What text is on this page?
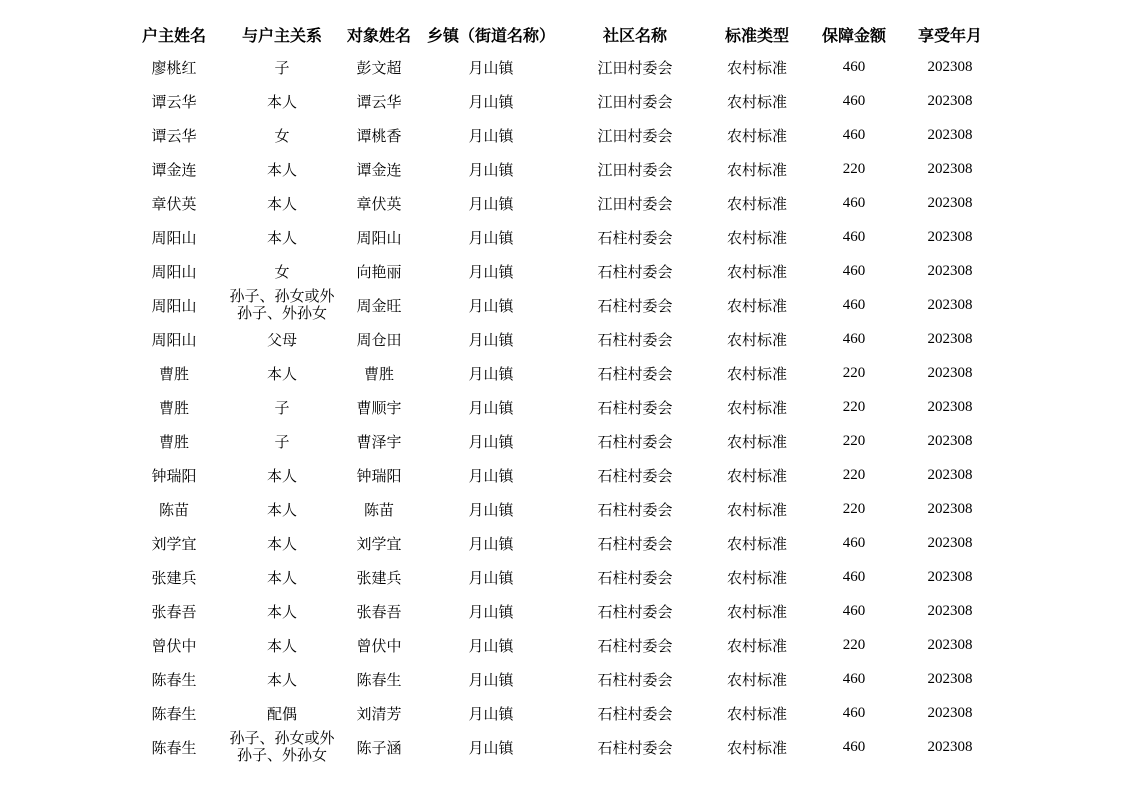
	户主姓名	与户主关系	对象姓名	乡镇（街道名称）	社区名称	标准类型	保障金额	享受年月
	廖桃红	子	彭文超	月山镇	江田村委会	农村标准	460	202308
	谭云华	本人	谭云华	月山镇	江田村委会	农村标准	460	202308
	谭云华	女	谭桃香	月山镇	江田村委会	农村标准	460	202308
	谭金连	本人	谭金连	月山镇	江田村委会	农村标准	220	202308
	章伏英	本人	章伏英	月山镇	江田村委会	农村标准	460	202308
	周阳山	本人	周阳山	月山镇	石柱村委会	农村标准	460	202308
	周阳山	女	向艳丽	月山镇	石柱村委会	农村标准	460	202308
	周阳山	孙子、孙女或外孙子、外孙女	周金旺	月山镇	石柱村委会	农村标准	460	202308
	周阳山	父母	周仓田	月山镇	石柱村委会	农村标准	460	202308
	曹胜	本人	曹胜	月山镇	石柱村委会	农村标准	220	202308
	曹胜	子	曹顺宇	月山镇	石柱村委会	农村标准	220	202308
	曹胜	子	曹泽宇	月山镇	石柱村委会	农村标准	220	202308
	钟瑞阳	本人	钟瑞阳	月山镇	石柱村委会	农村标准	220	202308
	陈苗	本人	陈苗	月山镇	石柱村委会	农村标准	220	202308
	刘学宜	本人	刘学宜	月山镇	石柱村委会	农村标准	460	202308
	张建兵	本人	张建兵	月山镇	石柱村委会	农村标准	460	202308
	张春吾	本人	张春吾	月山镇	石柱村委会	农村标准	460	202308
	曾伏中	本人	曾伏中	月山镇	石柱村委会	农村标准	220	202308
	陈春生	本人	陈春生	月山镇	石柱村委会	农村标准	460	202308
	陈春生	配偶	刘清芳	月山镇	石柱村委会	农村标准	460	202308
	陈春生	孙子、孙女或外孙子、外孙女	陈子涵	月山镇	石柱村委会	农村标准	460	202308
